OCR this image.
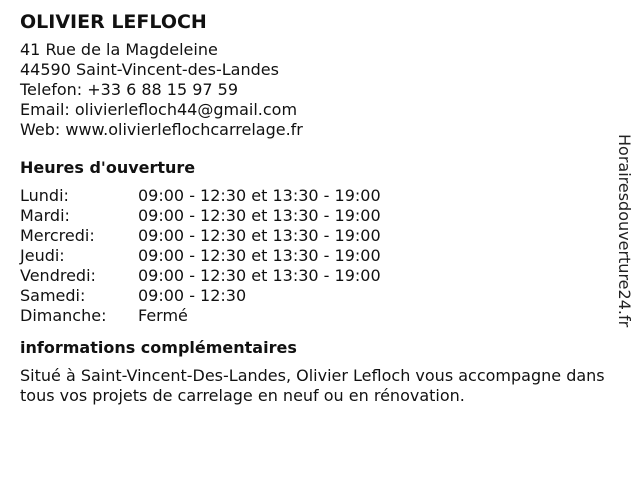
OLIVIER LEFLOCH
41 Rue de la Magdeleine
44590 Saint-Vincent-des-Landes
Telefon: +33 6 88 15 97 59
Email: olivierlefloch44@gmail.com
Web: www.olivierleflochcarrelage.fr
Heures d'ouverture
Lundi:	09:00 - 12:30 et 13:30 - 19:00
Mardi:	09:00 - 12:30 et 13:30 - 19:00
Mercredi:	09:00 - 12:30 et 13:30 - 19:00
Jeudi:	09:00 - 12:30 et 13:30 - 19:00
Vendredi:	09:00 - 12:30 et 13:30 - 19:00
Samedi:	09:00 - 12:30
Dimanche:	Fermé
informations complémentaires
Situé à Saint-Vincent-Des-Landes, Olivier Lefloch vous accompagne dans tous vos projets de carrelage en neuf ou en rénovation.
Horairesdouverture24.fr
